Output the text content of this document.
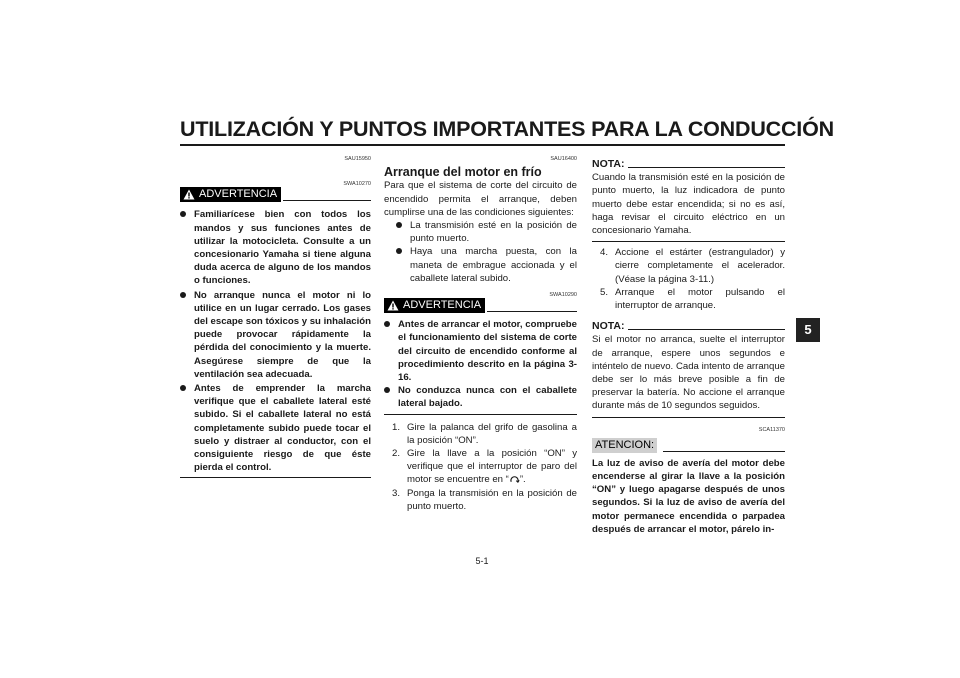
UTILIZACIÓN Y PUNTOS IMPORTANTES PARA LA CONDUCCIÓN
5
SAU15950
SWA10270
ADVERTENCIA
Familiarícese bien con todos los mandos y sus funciones antes de utilizar la motocicleta. Consulte a un concesionario Yamaha si tiene alguna duda acerca de alguno de los mandos o funciones.
No arranque nunca el motor ni lo utilice en un lugar cerrado. Los gases del escape son tóxicos y su inhalación puede provocar rápidamente la pérdida del conocimiento y la muerte. Asegúrese siempre de que la ventilación sea adecuada.
Antes de emprender la marcha verifique que el caballete lateral esté subido. Si el caballete lateral no está completamente subido puede tocar el suelo y distraer al conductor, con el consiguiente riesgo de que éste pierda el control.
SAU16400
Arranque del motor en frío
Para que el sistema de corte del circuito de encendido permita el arranque, deben cumplirse una de las condiciones siguientes:
La transmisión esté en la posición de punto muerto.
Haya una marcha puesta, con la maneta de embrague accionada y el caballete lateral subido.
SWA10290
ADVERTENCIA
Antes de arrancar el motor, compruebe el funcionamiento del sistema de corte del circuito de encendido conforme al procedimiento descrito en la página 3-16.
No conduzca nunca con el caballete lateral bajado.
1. Gire la palanca del grifo de gasolina a la posición “ON”.
2. Gire la llave a la posición “ON” y verifique que el interruptor de paro del motor se encuentre en “ ”.
3. Ponga la transmisión en la posición de punto muerto.
NOTA:
Cuando la transmisión esté en la posición de punto muerto, la luz indicadora de punto muerto debe estar encendida; si no es así, haga revisar el circuito eléctrico en un concesionario Yamaha.
4. Accione el estárter (estrangulador) y cierre completamente el acelerador. (Véase la página 3-11.)
5. Arranque el motor pulsando el interruptor de arranque.
NOTA:
Si el motor no arranca, suelte el interruptor de arranque, espere unos segundos e inténtelo de nuevo. Cada intento de arranque debe ser lo más breve posible a fin de preservar la batería. No accione el arranque durante más de 10 segundos seguidos.
SCA11370
ATENCION:
La luz de aviso de avería del motor debe encenderse al girar la llave a la posición “ON” y luego apagarse después de unos segundos. Si la luz de aviso de avería del motor permanece encendida o parpadea después de arrancar el motor, párelo in-
5-1
